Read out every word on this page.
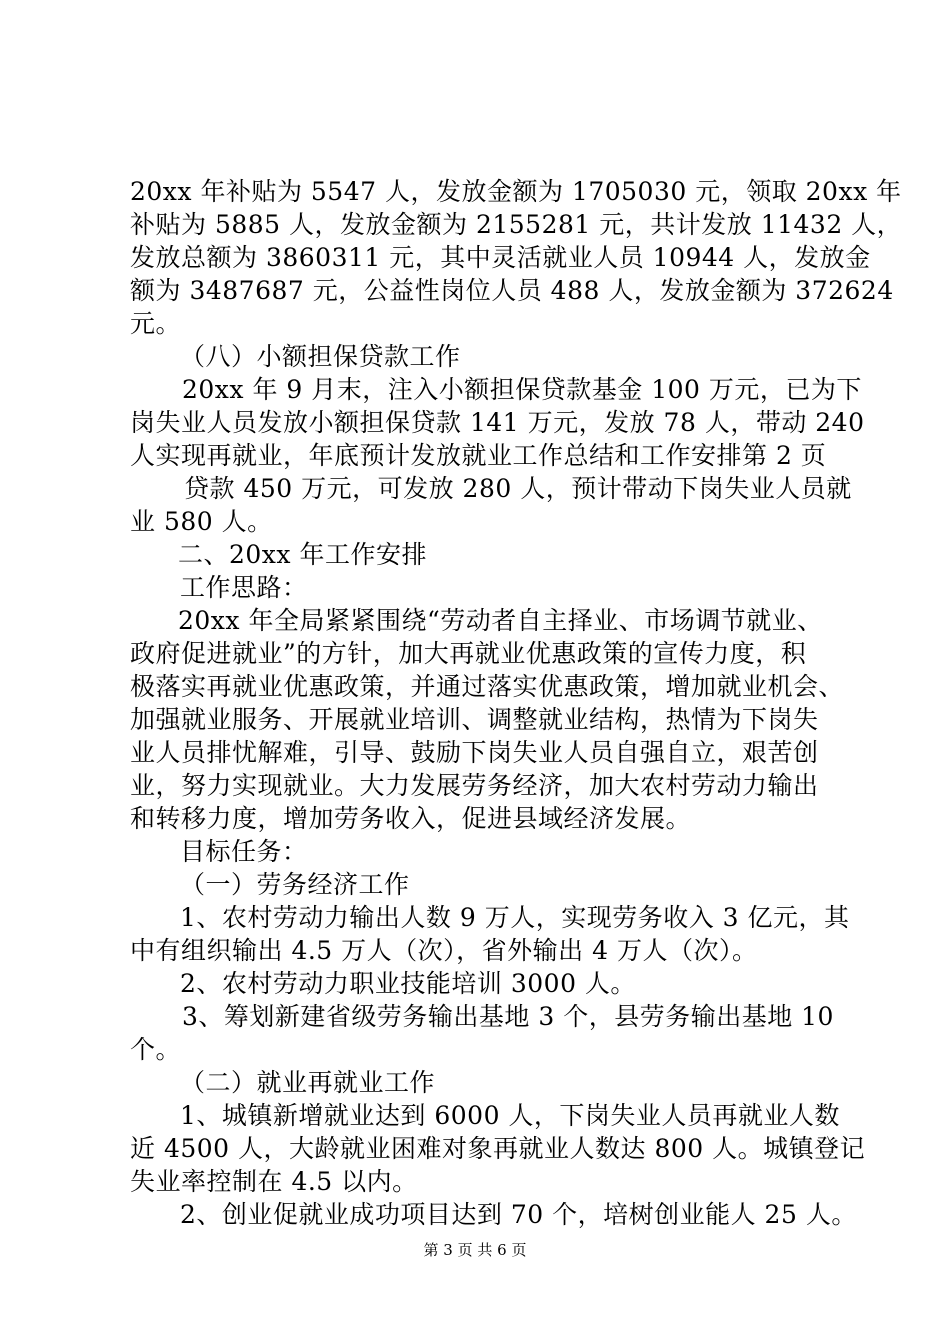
20xx 年补贴为 5547 人，发放金额为 1705030 元，领取 20xx 年
补贴为 5885 人，发放金额为 2155281 元，共计发放 11432 人，
发放总额为 3860311 元，其中灵活就业人员 10944 人，发放金
额为 3487687 元，公益性岗位人员 488 人，发放金额为 372624
元。
（八）小额担保贷款工作
20xx 年 9 月末，注入小额担保贷款基金 100 万元，已为下
岗失业人员发放小额担保贷款 141 万元，发放 78 人，带动 240
人实现再就业，年底预计发放就业工作总结和工作安排第 2 页
贷款 450 万元，可发放 280 人，预计带动下岗失业人员就
业 580 人。
二、20xx 年工作安排
工作思路：
20xx 年全局紧紧围绕“劳动者自主择业、市场调节就业、
政府促进就业”的方针，加大再就业优惠政策的宣传力度，积
极落实再就业优惠政策，并通过落实优惠政策，增加就业机会、
加强就业服务、开展就业培训、调整就业结构，热情为下岗失
业人员排忧解难，引导、鼓励下岗失业人员自强自立，艰苦创
业，努力实现就业。大力发展劳务经济，加大农村劳动力输出
和转移力度，增加劳务收入，促进县域经济发展。
目标任务：
（一）劳务经济工作
1、农村劳动力输出人数 9 万人，实现劳务收入 3 亿元，其
中有组织输出 4.5 万人（次），省外输出 4 万人（次）。
2、农村劳动力职业技能培训 3000 人。
3、筹划新建省级劳务输出基地 3 个，县劳务输出基地 10
个。
（二）就业再就业工作
1、城镇新增就业达到 6000 人，下岗失业人员再就业人数
近 4500 人，大龄就业困难对象再就业人数达 800 人。城镇登记
失业率控制在 4.5 以内。
2、创业促就业成功项目达到 70 个，培树创业能人 25 人。
第 3 页 共 6 页
